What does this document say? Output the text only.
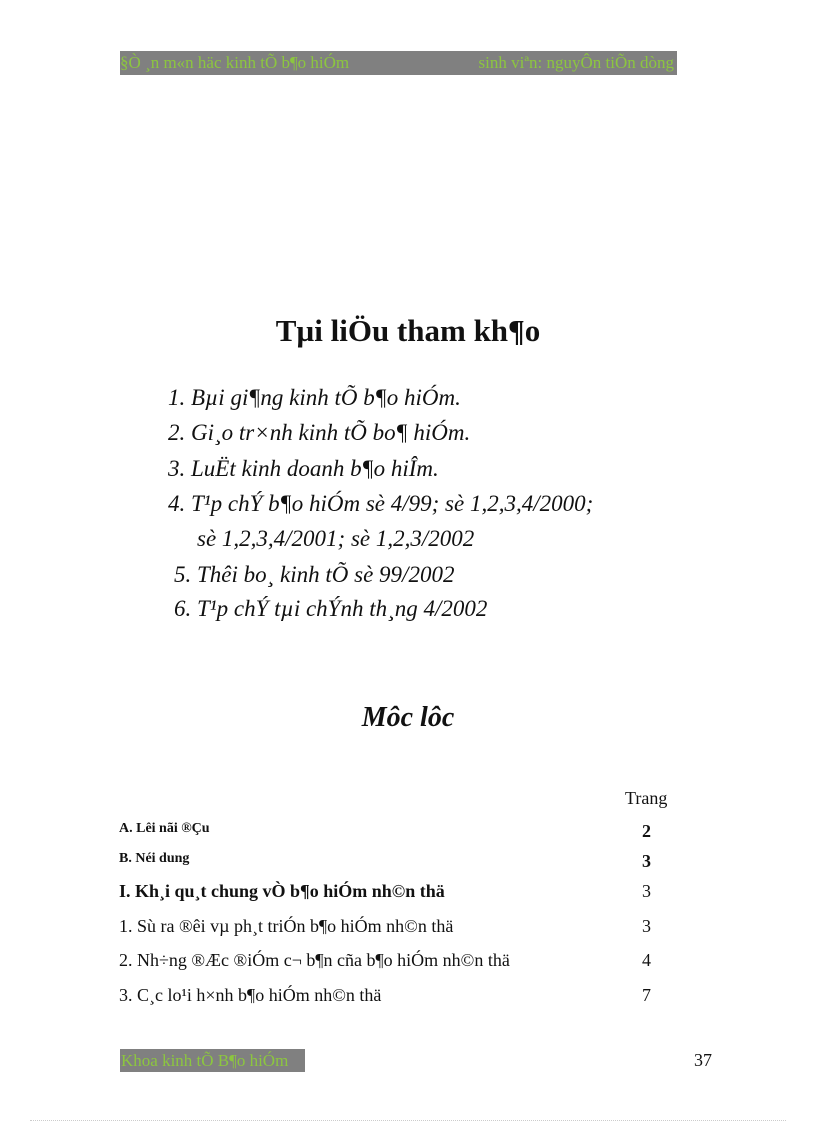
§Ò ¸n m«n häc kinh tÕ b¶o hiÓm	sinh viªn: nguyÔn tiÕn dòng
Tµi liÖu tham kh¶o
1. Bµi gi¶ng kinh tÕ b¶o hiÓm.
2. Gi¸o tr×nh kinh tÕ bo¶ hiÓm.
3. LuËt kinh doanh b¶o hiÎm.
4. T¹p chÝ b¶o hiÓm sè 4/99; sè 1,2,3,4/2000;
sè 1,2,3,4/2001; sè 1,2,3/2002
5. Thêi bo¸ kinh tÕ sè 99/2002
6. T¹p chÝ tµi chÝnh th¸ng 4/2002
Môc lôc
Trang
A. Lêi nãi ®Çu	2
B. Néi dung	3
I. Kh¸i qu¸t chung vÒ b¶o hiÓm nh©n thä	3
1. Sù ra ®êi vµ ph¸t triÓn b¶o hiÓm nh©n thä	3
2. Nh÷ng ®Æc ®iÓm c¬ b¶n cña b¶o hiÓm nh©n thä	4
3. C¸c lo¹i h×nh b¶o hiÓm nh©n thä	7
Khoa kinh tÕ B¶o hiÓm	37
